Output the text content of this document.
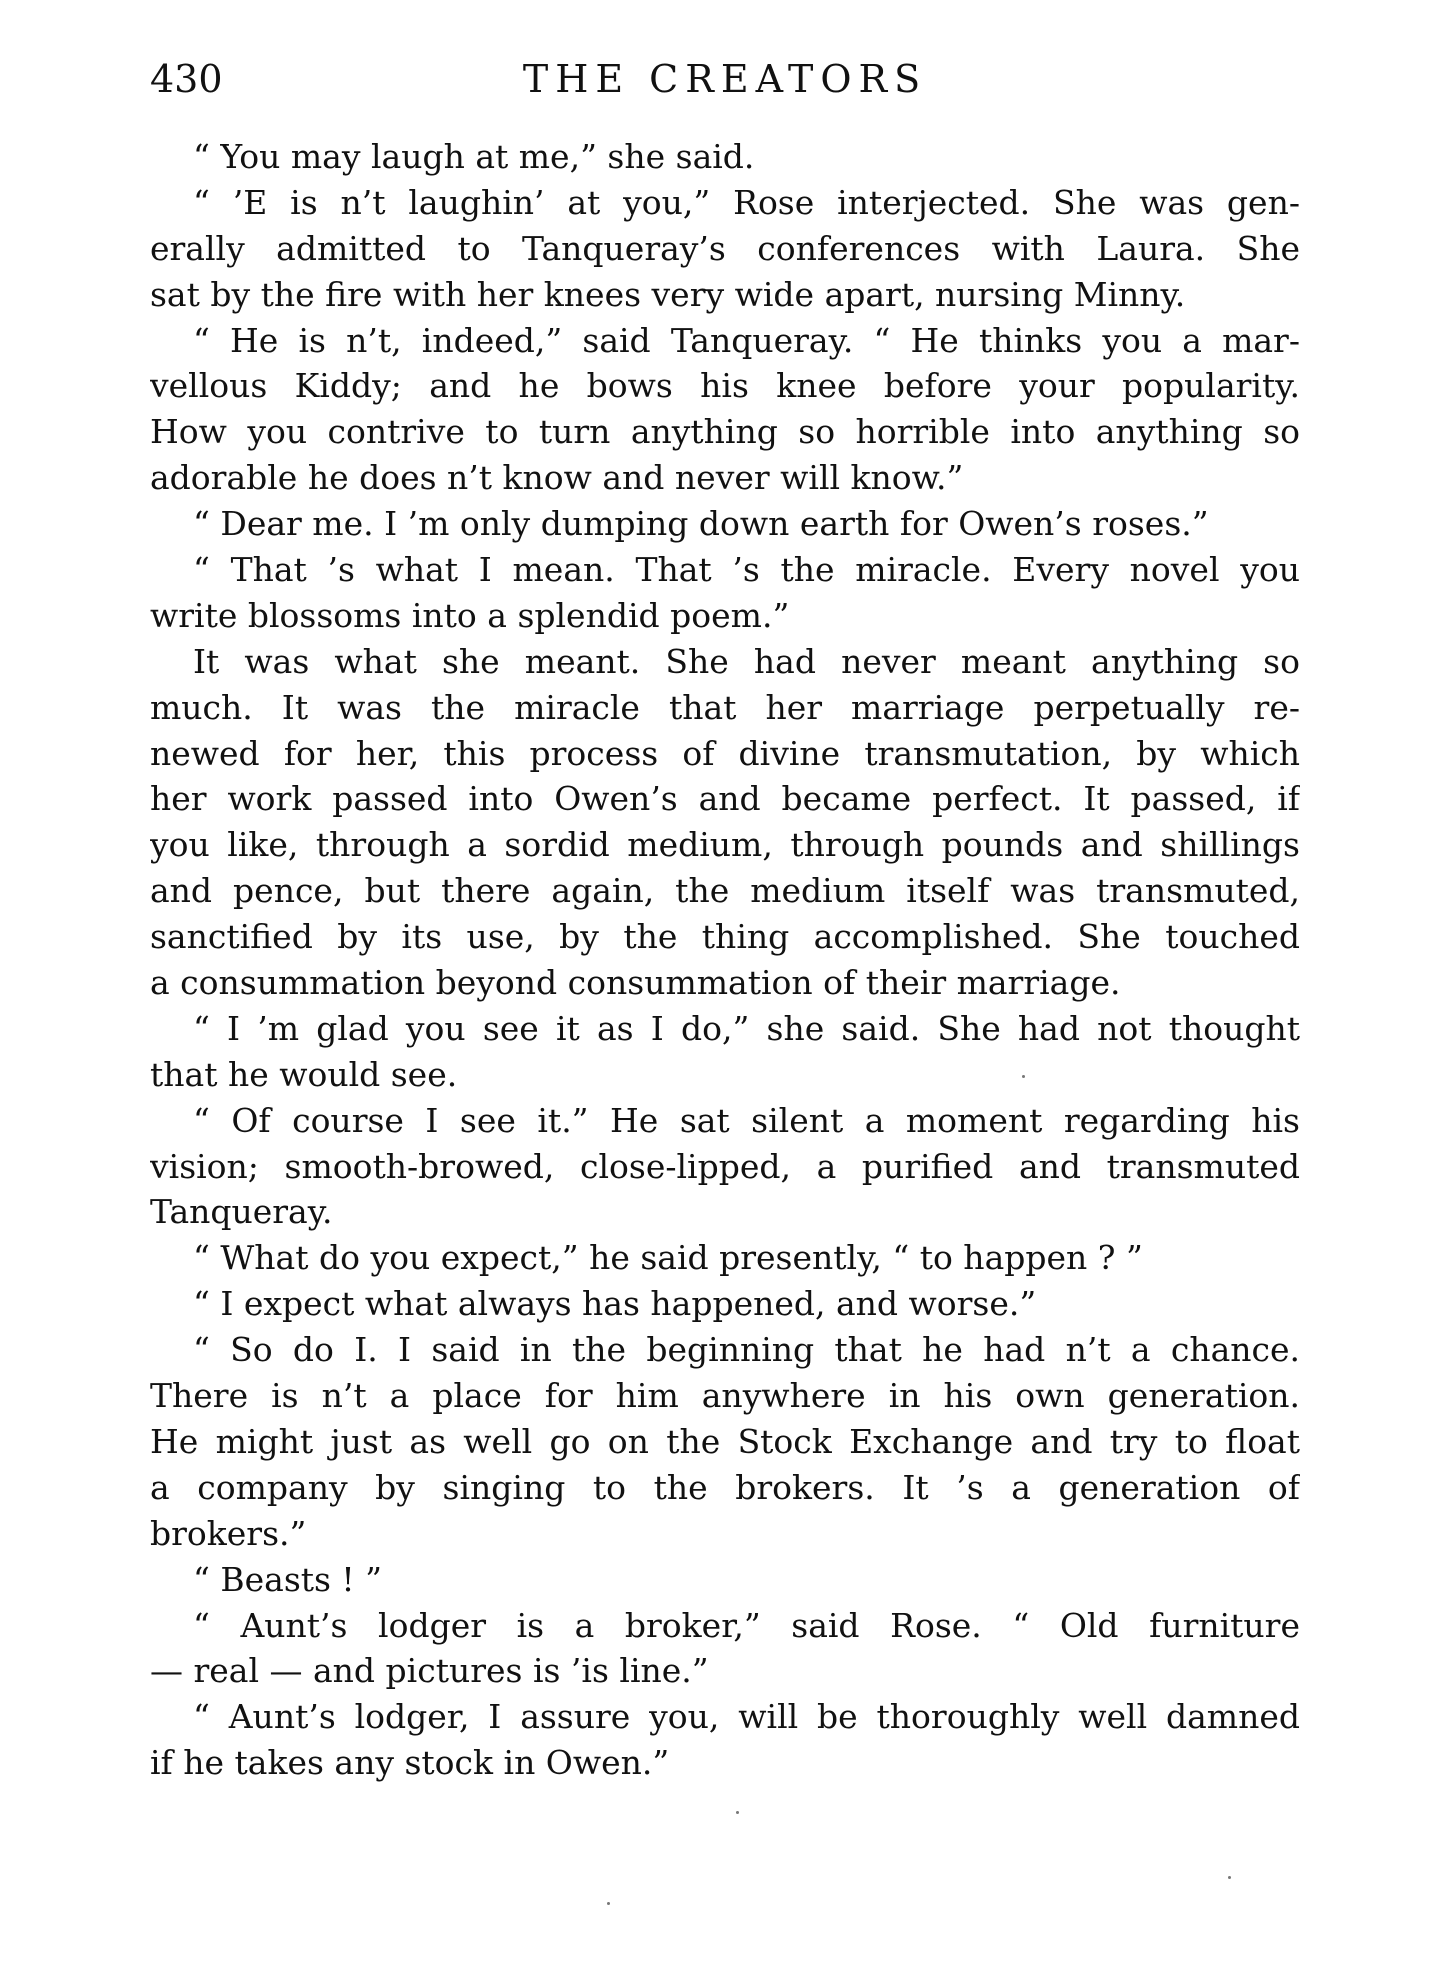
430	THE CREATORS
“ You may laugh at me,” she said.
“ ’E is n’t laughin’ at you,” Rose interjected. She was gen-
erally admitted to Tanqueray’s conferences with Laura. She
sat by the fire with her knees very wide apart, nursing Minny.
“ He is n’t, indeed,” said Tanqueray. “ He thinks you a mar-
vellous Kiddy; and he bows his knee before your popularity.
How you contrive to turn anything so horrible into anything so
adorable he does n’t know and never will know.”
“ Dear me. I ’m only dumping down earth for Owen’s roses.”
“ That ’s what I mean. That ’s the miracle. Every novel you
write blossoms into a splendid poem.”
It was what she meant. She had never meant anything so
much. It was the miracle that her marriage perpetually re-
newed for her, this process of divine transmutation, by which
her work passed into Owen’s and became perfect. It passed, if
you like, through a sordid medium, through pounds and shillings
and pence, but there again, the medium itself was transmuted,
sanctified by its use, by the thing accomplished. She touched
a consummation beyond consummation of their marriage.
“ I ’m glad you see it as I do,” she said. She had not thought
that he would see.
“ Of course I see it.” He sat silent a moment regarding his
vision; smooth-browed, close-lipped, a purified and transmuted
Tanqueray.
“ What do you expect,” he said presently, “ to happen ? ”
“ I expect what always has happened, and worse.”
“ So do I. I said in the beginning that he had n’t a chance.
There is n’t a place for him anywhere in his own generation.
He might just as well go on the Stock Exchange and try to float
a company by singing to the brokers. It ’s a generation of
brokers.”
“ Beasts ! ”
“ Aunt’s lodger is a broker,” said Rose. “ Old furniture
— real — and pictures is ’is line.”
“ Aunt’s lodger, I assure you, will be thoroughly well damned
if he takes any stock in Owen.”
